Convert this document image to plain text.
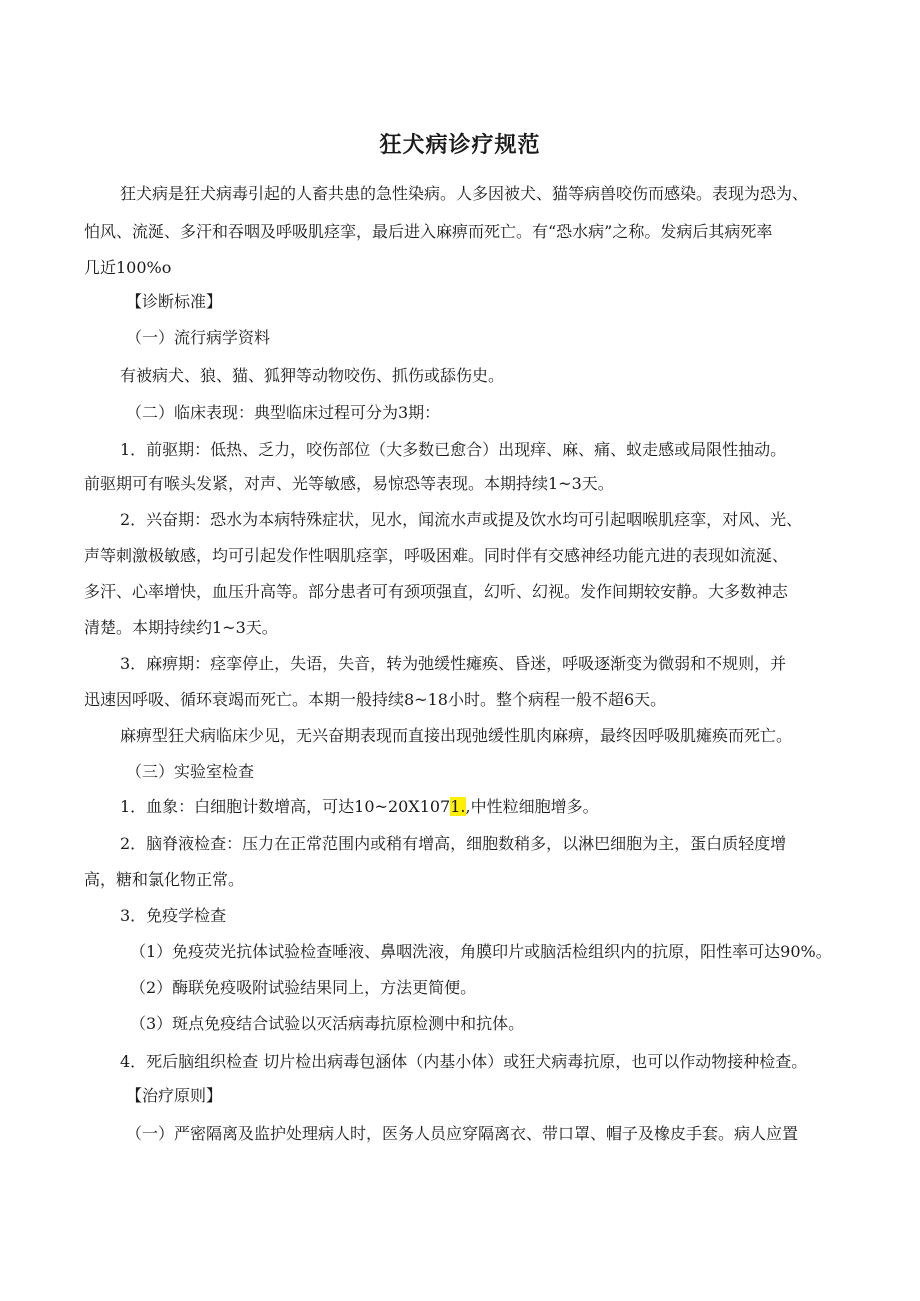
狂犬病诊疗规范

狂犬病是狂犬病毒引起的人畜共患的急性染病。人多因被犬、猫等病兽咬伤而感染。表现为恐为、

怕风、流涎、多汗和吞咽及呼吸肌痉挛，最后进入麻痹而死亡。有“恐水病”之称。发病后其病死率

几近100%o

【诊断标准】

（一）流行病学资料

有被病犬、狼、猫、狐狎等动物咬伤、抓伤或舔伤史。

（二）临床表现：典型临床过程可分为3期：

1．前驱期：低热、乏力，咬伤部位（大多数已愈合）出现痒、麻、痛、蚁走感或局限性抽动。

前驱期可有喉头发紧，对声、光等敏感，易惊恐等表现。本期持续1~3天。

2．兴奋期：恐水为本病特殊症状，见水，闻流水声或提及饮水均可引起咽喉肌痉挛，对风、光、

声等刺激极敏感，均可引起发作性咽肌痉挛，呼吸困难。同时伴有交感神经功能亢进的表现如流涎、

多汗、心率增快，血压升高等。部分患者可有颈项强直，幻听、幻视。发作间期较安静。大多数神志

清楚。本期持续约1~3天。

3．麻痹期：痉挛停止，失语，失音，转为弛缓性瘫痪、昏迷，呼吸逐渐变为微弱和不规则，并

迅速因呼吸、循环衰竭而死亡。本期一般持续8~18小时。整个病程一般不超6天。

麻痹型狂犬病临床少见，无兴奋期表现而直接出现弛缓性肌肉麻痹，最终因呼吸肌瘫痪而死亡。

（三）实验室检查

1．血象：白细胞计数增高，可达10~20X1071.,中性粒细胞增多。

2．脑脊液检查：压力在正常范围内或稍有增高，细胞数稍多，以淋巴细胞为主，蛋白质轻度增

高，糖和氯化物正常。

3．免疫学检查

（1）免疫荧光抗体试验检查唾液、鼻咽洗液，角膜印片或脑活检组织内的抗原，阳性率可达90%。

（2）酶联免疫吸附试验结果同上，方法更简便。

（3）斑点免疫结合试验以灭活病毒抗原检测中和抗体。

4．死后脑组织检查 切片检出病毒包涵体（内基小体）或狂犬病毒抗原，也可以作动物接种检查。

【治疗原则】

（一）严密隔离及监护处理病人时，医务人员应穿隔离衣、带口罩、帽子及橡皮手套。病人应置
